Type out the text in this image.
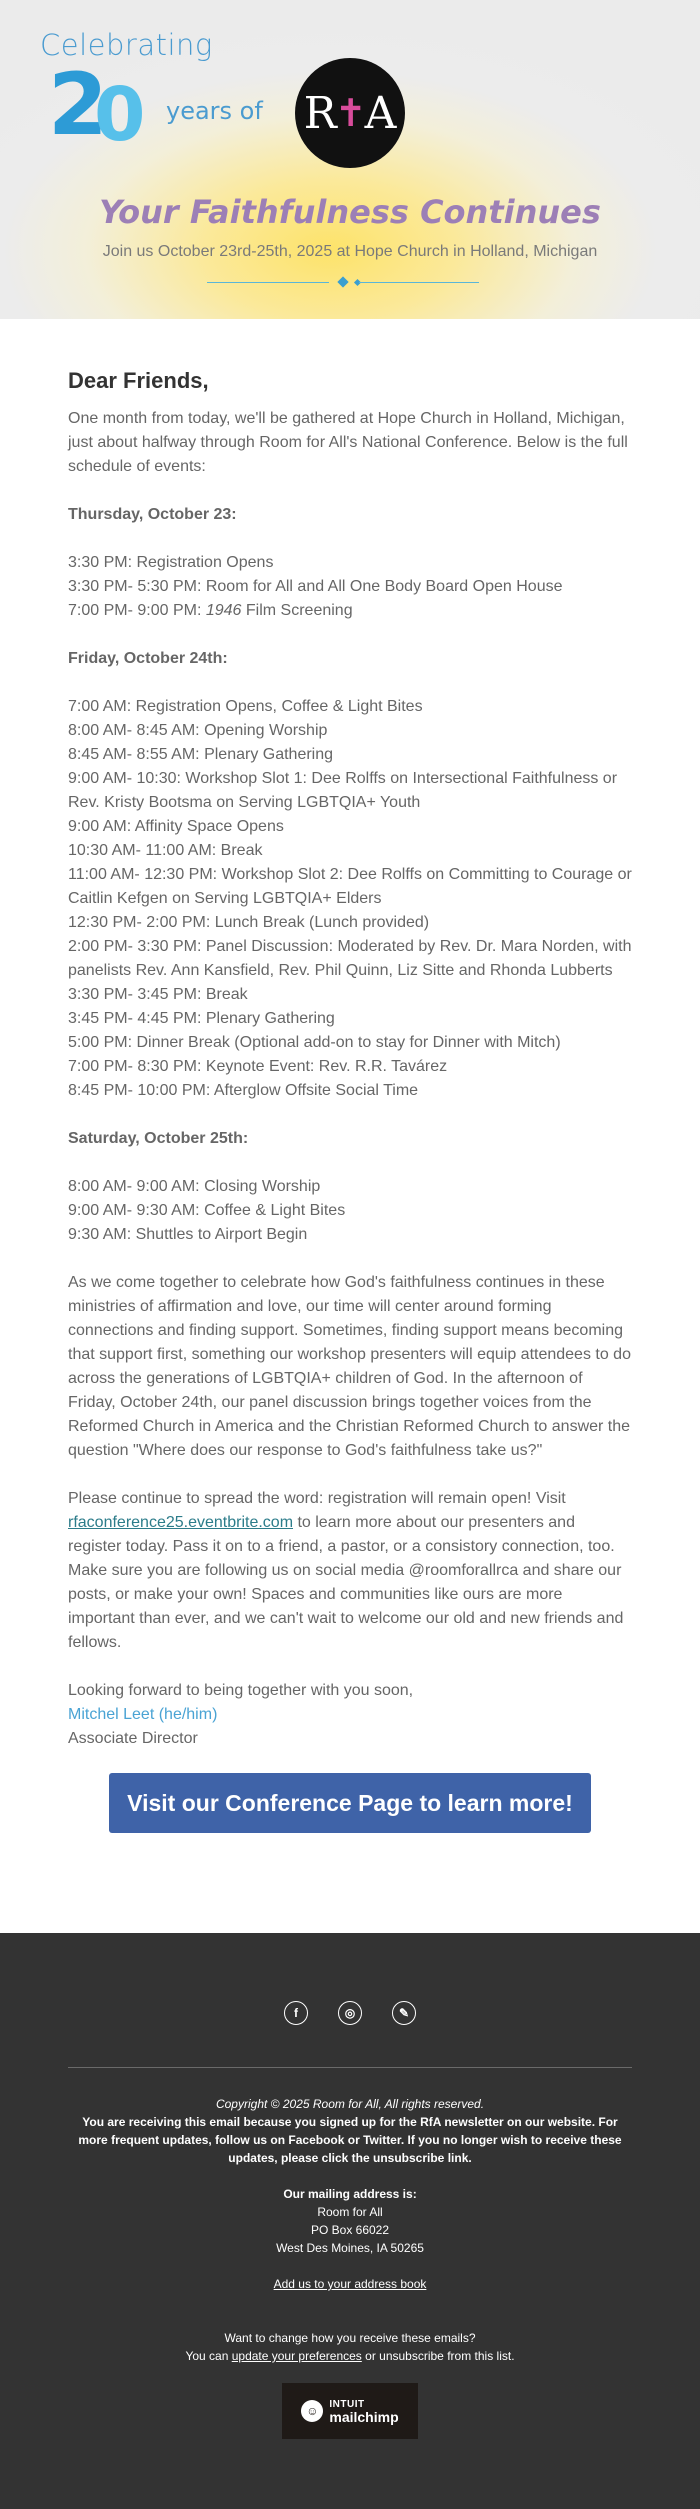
Celebrating
2
0 years of R
✝
A
Your Faithfulness Continues
Join us October 23rd-25th, 2025 at Hope Church in Holland, Michigan
Dear Friends,

One month from today, we'll be gathered at Hope Church in Holland, Michigan, just about halfway through Room for All's National Conference. Below is the full schedule of events:

Thursday, October 23:
3:30 PM: Registration Opens
3:30 PM- 5:30 PM: Room for All and All One Body Board Open House
7:00 PM- 9:00 PM: 1946 Film Screening
Friday, October 24th:
7:00 AM: Registration Opens, Coffee & Light Bites
8:00 AM- 8:45 AM: Opening Worship
8:45 AM- 8:55 AM: Plenary Gathering
9:00 AM- 10:30: Workshop Slot 1: Dee Rolffs on Intersectional Faithfulness or Rev. Kristy Bootsma on Serving LGBTQIA+ Youth
9:00 AM: Affinity Space Opens
10:30 AM- 11:00 AM: Break
11:00 AM- 12:30 PM: Workshop Slot 2: Dee Rolffs on Committing to Courage or Caitlin Kefgen on Serving LGBTQIA+ Elders
12:30 PM- 2:00 PM: Lunch Break (Lunch provided)
2:00 PM- 3:30 PM: Panel Discussion: Moderated by Rev. Dr. Mara Norden, with panelists Rev. Ann Kansfield, Rev. Phil Quinn, Liz Sitte and Rhonda Lubberts
3:30 PM- 3:45 PM: Break
3:45 PM- 4:45 PM: Plenary Gathering
5:00 PM: Dinner Break (Optional add-on to stay for Dinner with Mitch)
7:00 PM- 8:30 PM: Keynote Event: Rev. R.R. Tavárez
8:45 PM- 10:00 PM: Afterglow Offsite Social Time
Saturday, October 25th:
8:00 AM- 9:00 AM: Closing Worship
9:00 AM- 9:30 AM: Coffee & Light Bites
9:30 AM: Shuttles to Airport Begin

As we come together to celebrate how God's faithfulness continues in these ministries of affirmation and love, our time will center around forming connections and finding support. Sometimes, finding support means becoming that support first, something our workshop presenters will equip attendees to do across the generations of LGBTQIA+ children of God. In the afternoon of Friday, October 24th, our panel discussion brings together voices from the Reformed Church in America and the Christian Reformed Church to answer the question "Where does our response to God's faithfulness take us?"

Please continue to spread the word: registration will remain open! Visit rfaconference25.eventbrite.com to learn more about our presenters and register today. Pass it on to a friend, a pastor, or a consistory connection, too. Make sure you are following us on social media @roomforallrca and share our posts, or make your own! Spaces and communities like ours are more important than ever, and we can't wait to welcome our old and new friends and fellows.

Looking forward to being together with you soon,
Mitchel Leet (he/him)
Associate Director
Visit our Conference Page to learn more!
f	◎	✎
Copyright © 2025 Room for All, All rights reserved.
You are receiving this email because you signed up for the RfA newsletter on our website. For more frequent updates, follow us on Facebook or Twitter. If you no longer wish to receive these updates, please click the unsubscribe link.
Our mailing address is:
Room for All
PO Box 66022
West Des Moines, IA 50265
Add us to your address book
Want to change how you receive these emails?
You can update your preferences or unsubscribe from this list.
☺	INTUIT
mailchimp
